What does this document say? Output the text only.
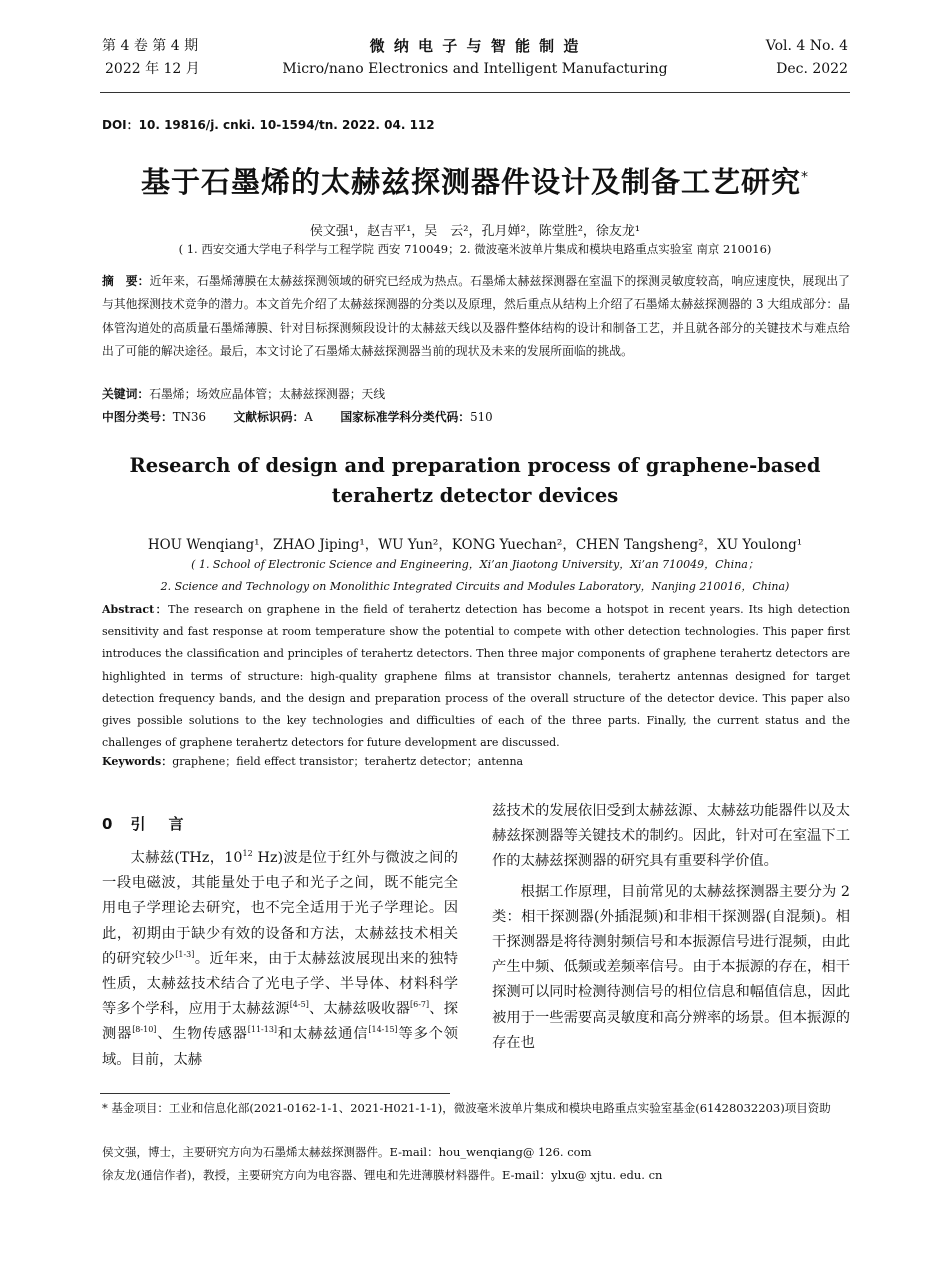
第 4 卷 第 4 期
2022 年 12 月
微 纳 电 子 与 智 能 制 造
Micro/nano Electronics and Intelligent Manufacturing
Vol. 4 No. 4
Dec. 2022
DOI：10. 19816/j. cnki. 10-1594/tn. 2022. 04. 112
基于石墨烯的太赫兹探测器件设计及制备工艺研究*
侯文强¹，赵吉平¹，吴　云²，孔月婵²，陈堂胜²，徐友龙¹
( 1. 西安交通大学电子科学与工程学院 西安 710049；2. 微波毫米波单片集成和模块电路重点实验室 南京 210016)
摘　要：近年来，石墨烯薄膜在太赫兹探测领域的研究已经成为热点。石墨烯太赫兹探测器在室温下的探测灵敏度较高，响应速度快，展现出了与其他探测技术竞争的潜力。本文首先介绍了太赫兹探测器的分类以及原理，然后重点从结构上介绍了石墨烯太赫兹探测器的 3 大组成部分：晶体管沟道处的高质量石墨烯薄膜、针对目标探测频段设计的太赫兹天线以及器件整体结构的设计和制备工艺，并且就各部分的关键技术与难点给出了可能的解决途径。最后，本文讨论了石墨烯太赫兹探测器当前的现状及未来的发展所面临的挑战。
关键词：石墨烯；场效应晶体管；太赫兹探测器；天线
中图分类号：TN36 文献标识码：A 国家标准学科分类代码：510
Research of design and preparation process of graphene-based
terahertz detector devices
HOU Wenqiang¹，ZHAO Jiping¹，WU Yun²，KONG Yuechan²，CHEN Tangsheng²，XU Youlong¹
( 1. School of Electronic Science and Engineering，Xi’an Jiaotong University，Xi’an 710049，China；
2. Science and Technology on Monolithic Integrated Circuits and Modules Laboratory，Nanjing 210016，China)
Abstract：The research on graphene in the field of terahertz detection has become a hotspot in recent years. Its high detection sensitivity and fast response at room temperature show the potential to compete with other detection technologies. This paper first introduces the classification and principles of terahertz detectors. Then three major components of graphene terahertz detectors are highlighted in terms of structure: high-quality graphene films at transistor channels, terahertz antennas designed for target detection frequency bands, and the design and preparation process of the overall structure of the detector device. This paper also gives possible solutions to the key technologies and difficulties of each of the three parts. Finally, the current status and the challenges of graphene terahertz detectors for future development are discussed.
Keywords：graphene；field effect transistor；terahertz detector；antenna
0 引　言

太赫兹(THz，$10^{12}$ Hz)波是位于红外与微波之间的一段电磁波，其能量处于电子和光子之间，既不能完全用电子学理论去研究，也不完全适用于光子学理论。因此，初期由于缺少有效的设备和方法，太赫兹技术相关的研究较少[1-3]。近年来，由于太赫兹波展现出来的独特性质，太赫兹技术结合了光电子学、半导体、材料科学等多个学科，应用于太赫兹源[4-5]、太赫兹吸收器[6-7]、探测器[8-10]、生物传感器[11-13]和太赫兹通信[14-15]等多个领域。目前，太赫

兹技术的发展依旧受到太赫兹源、太赫兹功能器件以及太赫兹探测器等关键技术的制约。因此，针对可在室温下工作的太赫兹探测器的研究具有重要科学价值。

根据工作原理，目前常见的太赫兹探测器主要分为 2 类：相干探测器(外插混频)和非相干探测器(自混频)。相干探测器是将待测射频信号和本振源信号进行混频，由此产生中频、低频或差频率信号。由于本振源的存在，相干探测可以同时检测待测信号的相位信息和幅值信息，因此被用于一些需要高灵敏度和高分辨率的场景。但本振源的存在也

* 基金项目：工业和信息化部(2021-0162-1-1、2021-H021-1-1)，微波毫米波单片集成和模块电路重点实验室基金(61428032203)项目资助
侯文强，博士，主要研究方向为石墨烯太赫兹探测器件。E-mail：hou_wenqiang@ 126. com
徐友龙(通信作者)，教授，主要研究方向为电容器、锂电和先进薄膜材料器件。E-mail：ylxu@ xjtu. edu. cn
